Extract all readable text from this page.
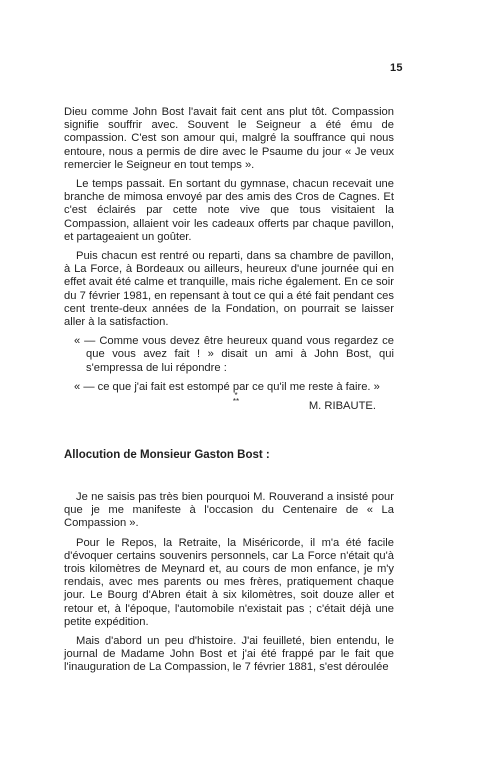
15

Dieu comme John Bost l'avait fait cent ans plut tôt. Compassion signifie souffrir avec. Souvent le Seigneur a été ému de compassion. C'est son amour qui, malgré la souffrance qui nous entoure, nous a permis de dire avec le Psaume du jour « Je veux remercier le Seigneur en tout temps ».

Le temps passait. En sortant du gymnase, chacun recevait une branche de mimosa envoyé par des amis des Cros de Cagnes. Et c'est éclairés par cette note vive que tous visitaient la Compassion, allaient voir les cadeaux offerts par chaque pavillon, et partageaient un goûter.

Puis chacun est rentré ou reparti, dans sa chambre de pavillon, à La Force, à Bordeaux ou ailleurs, heureux d'une journée qui en effet avait été calme et tranquille, mais riche également. En ce soir du 7 février 1981, en repensant à tout ce qui a été fait pendant ces cent trente-deux années de la Fondation, on pourrait se laisser aller à la satisfaction.

« — Comme vous devez être heureux quand vous regardez ce que vous avez fait ! » disait un ami à John Bost, qui s'empressa de lui répondre :

« — ce que j'ai fait est estompé par ce qu'il me reste à faire. »

M. RIBAUTE.

*
**
Allocution de Monsieur Gaston Bost :

Je ne saisis pas très bien pourquoi M. Rouverand a insisté pour que je me manifeste à l'occasion du Centenaire de « La Compassion ».

Pour le Repos, la Retraite, la Miséricorde, il m'a été facile d'évoquer certains souvenirs personnels, car La Force n'était qu'à trois kilomètres de Meynard et, au cours de mon enfance, je m'y rendais, avec mes parents ou mes frères, pratiquement chaque jour. Le Bourg d'Abren était à six kilomètres, soit douze aller et retour et, à l'époque, l'automobile n'existait pas ; c'était déjà une petite expédition.

Mais d'abord un peu d'histoire. J'ai feuilleté, bien entendu, le journal de Madame John Bost et j'ai été frappé par le fait que l'inauguration de La Compassion, le 7 février 1881, s'est déroulée
